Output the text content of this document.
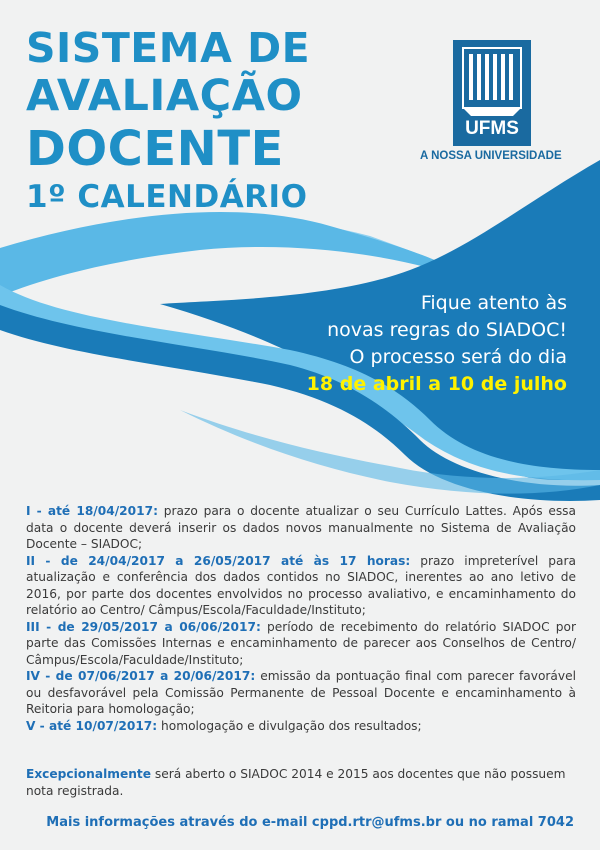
SISTEMA DE
AVALIAÇÃO
DOCENTE
1º CALENDÁRIO
UFMS
A NOSSA UNIVERSIDADE
Fique atento às
novas regras do SIADOC!
O processo será do dia
18 de abril a 10 de julho

I - até 18/04/2017: prazo para o docente atualizar o seu Currículo Lattes. Após essa data o docente deverá inserir os dados novos manualmente no Sistema de Avaliação Docente – SIADOC;

II - de 24/04/2017 a 26/05/2017 até às 17 horas: prazo impreterível para atualização e conferência dos dados contidos no SIADOC, inerentes ao ano letivo de 2016, por parte dos docentes envolvidos no processo avaliativo, e encaminhamento do relatório ao Centro/ Câmpus/Escola/Faculdade/Instituto;

III - de 29/05/2017 a 06/06/2017: período de recebimento do relatório SIADOC por parte das Comissões Internas e encaminhamento de parecer aos Conselhos de Centro/ Câmpus/Escola/Faculdade/Instituto;

IV - de 07/06/2017 a 20/06/2017: emissão da pontuação final com parecer favorável ou desfavorável pela Comissão Permanente de Pessoal Docente e encaminhamento à Reitoria para homologação;

V - até 10/07/2017: homologação e divulgação dos resultados;

Excepcionalmente será aberto o SIADOC 2014 e 2015 aos docentes que não possuem nota registrada.
Mais informações através do e-mail cppd.rtr@ufms.br ou no ramal 7042
